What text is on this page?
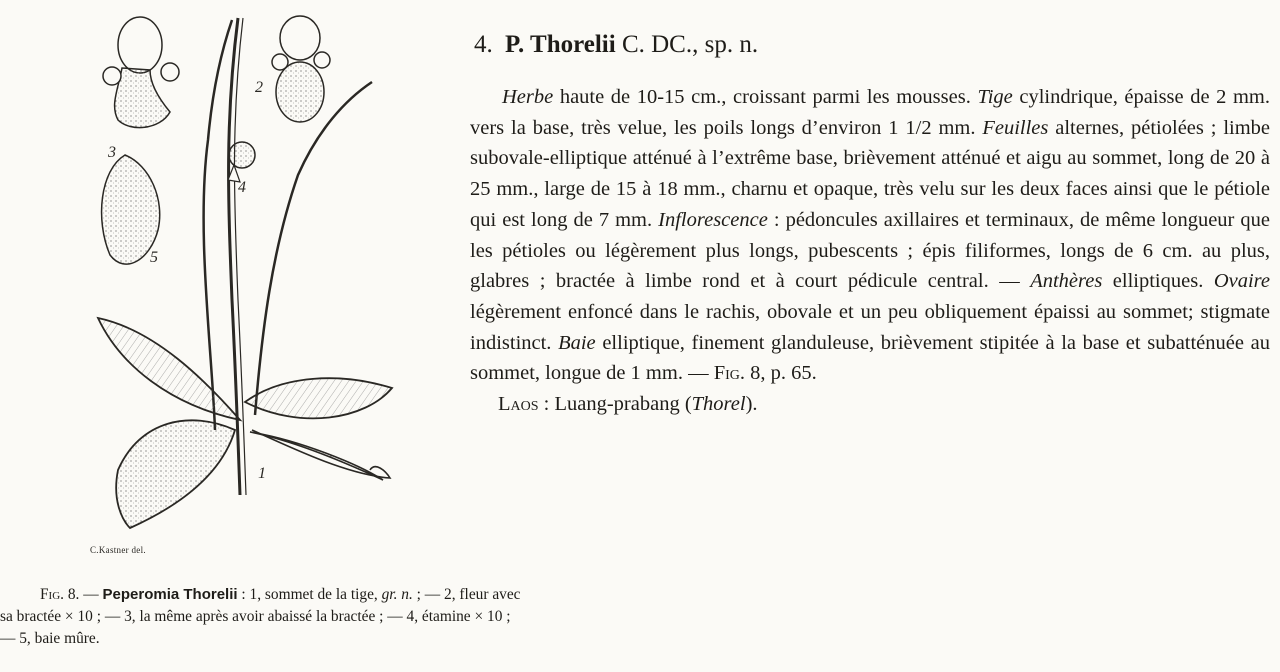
1
2
3
4
5
C.Kastner del.
4. P. Thorelii C. DC., sp. n.

Herbe haute de 10-15 cm., croissant parmi les mousses. Tige cylindrique, épaisse de 2 mm. vers la base, très velue, les poils longs d’environ 1 1/2 mm. Feuilles alternes, pétiolées ; limbe subovale-elliptique atténué à l’extrême base, brièvement atténué et aigu au sommet, long de 20 à 25 mm., large de 15 à 18 mm., charnu et opaque, très velu sur les deux faces ainsi que le pétiole qui est long de 7 mm. Inflorescence : pédoncules axillaires et terminaux, de même longueur que les pétioles ou légèrement plus longs, pubescents ; épis filiformes, longs de 6 cm. au plus, glabres ; bractée à limbe rond et à court pédicule central. — Anthères elliptiques. Ovaire légèrement enfoncé dans le rachis, obovale et un peu obliquement épaissi au sommet; stigmate indistinct. Baie elliptique, finement glanduleuse, brièvement stipitée à la base et subatténuée au sommet, longue de 1 mm. — Fig. 8, p. 65.

Laos : Luang-prabang (Thorel).

Fig. 8. — Peperomia Thorelii : 1, sommet de la tige, gr. n. ; — 2, fleur avec
sa bractée × 10 ; — 3, la même après avoir abaissé la bractée ; — 4, étamine × 10 ;
— 5, baie mûre.
